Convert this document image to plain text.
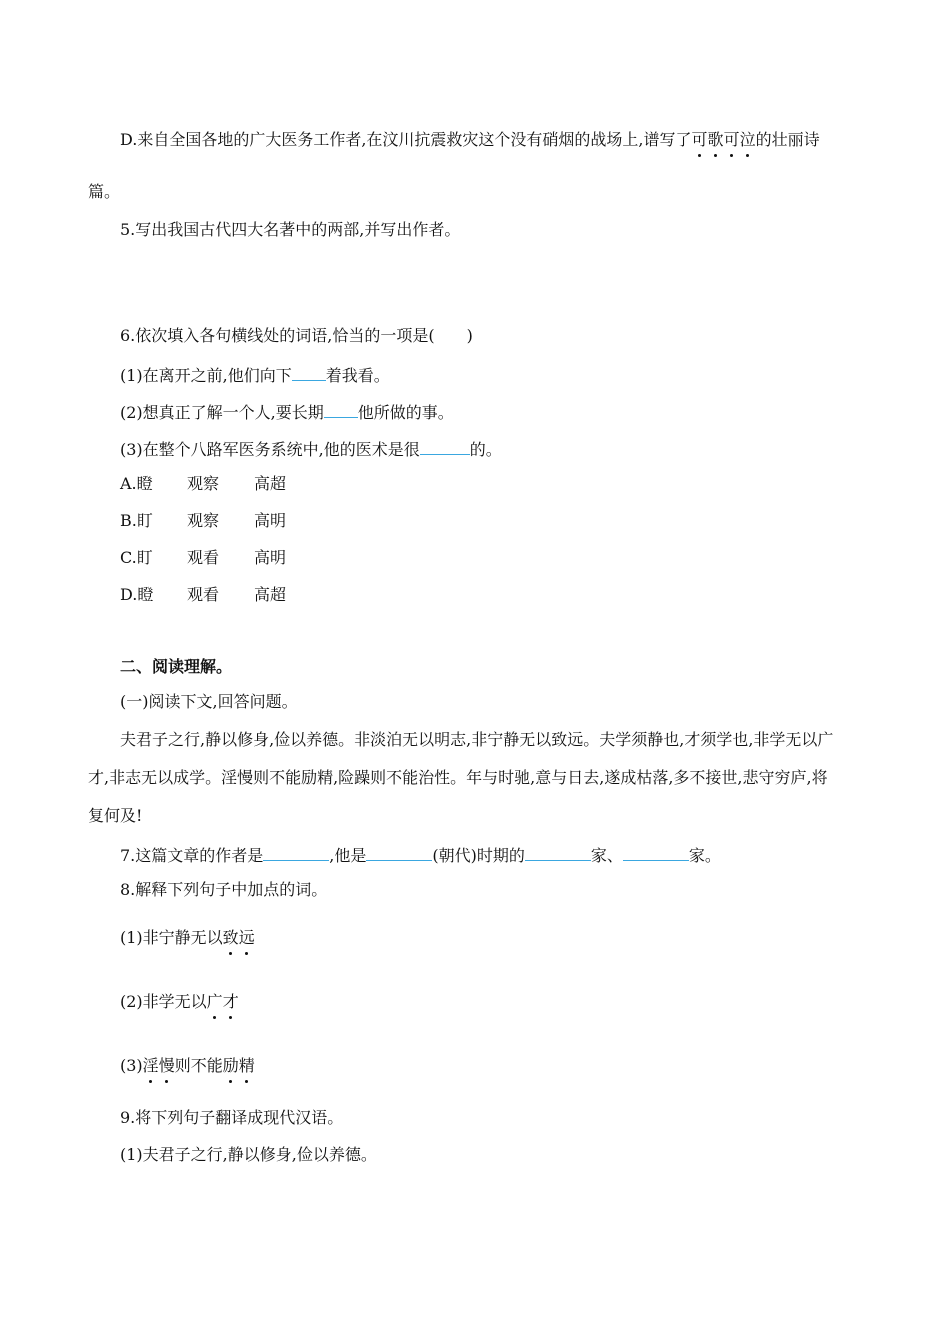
D.来自全国各地的广大医务工作者,在汶川抗震救灾这个没有硝烟的战场上,谱写了可歌可泣的壮丽诗
篇。
5.写出我国古代四大名著中的两部,并写出作者。
6.依次填入各句横线处的词语,恰当的一项是(　　)
(1)在离开之前,他们向下 着我看。
(2)想真正了解一个人,要长期 他所做的事。
(3)在整个八路军医务系统中,他的医术是很	的。
A.瞪 观察 高超
B.盯 观察 高明
C.盯 观看 高明
D.瞪 观看 高超
二、阅读理解。
(一)阅读下文,回答问题。
夫君子之行,静以修身,俭以养德。非淡泊无以明志,非宁静无以致远。夫学须静也,才须学也,非学无以广
才,非志无以成学。淫慢则不能励精,险躁则不能治性。年与时驰,意与日去,遂成枯落,多不接世,悲守穷庐,将
复何及!
7.这篇文章的作者是	,他是	(朝代)时期的	家、	家。
8.解释下列句子中加点的词。
(1)非宁静无以致远
(2)非学无以广才
(3)淫慢则不能励精
9.将下列句子翻译成现代汉语。
(1)夫君子之行,静以修身,俭以养德。
